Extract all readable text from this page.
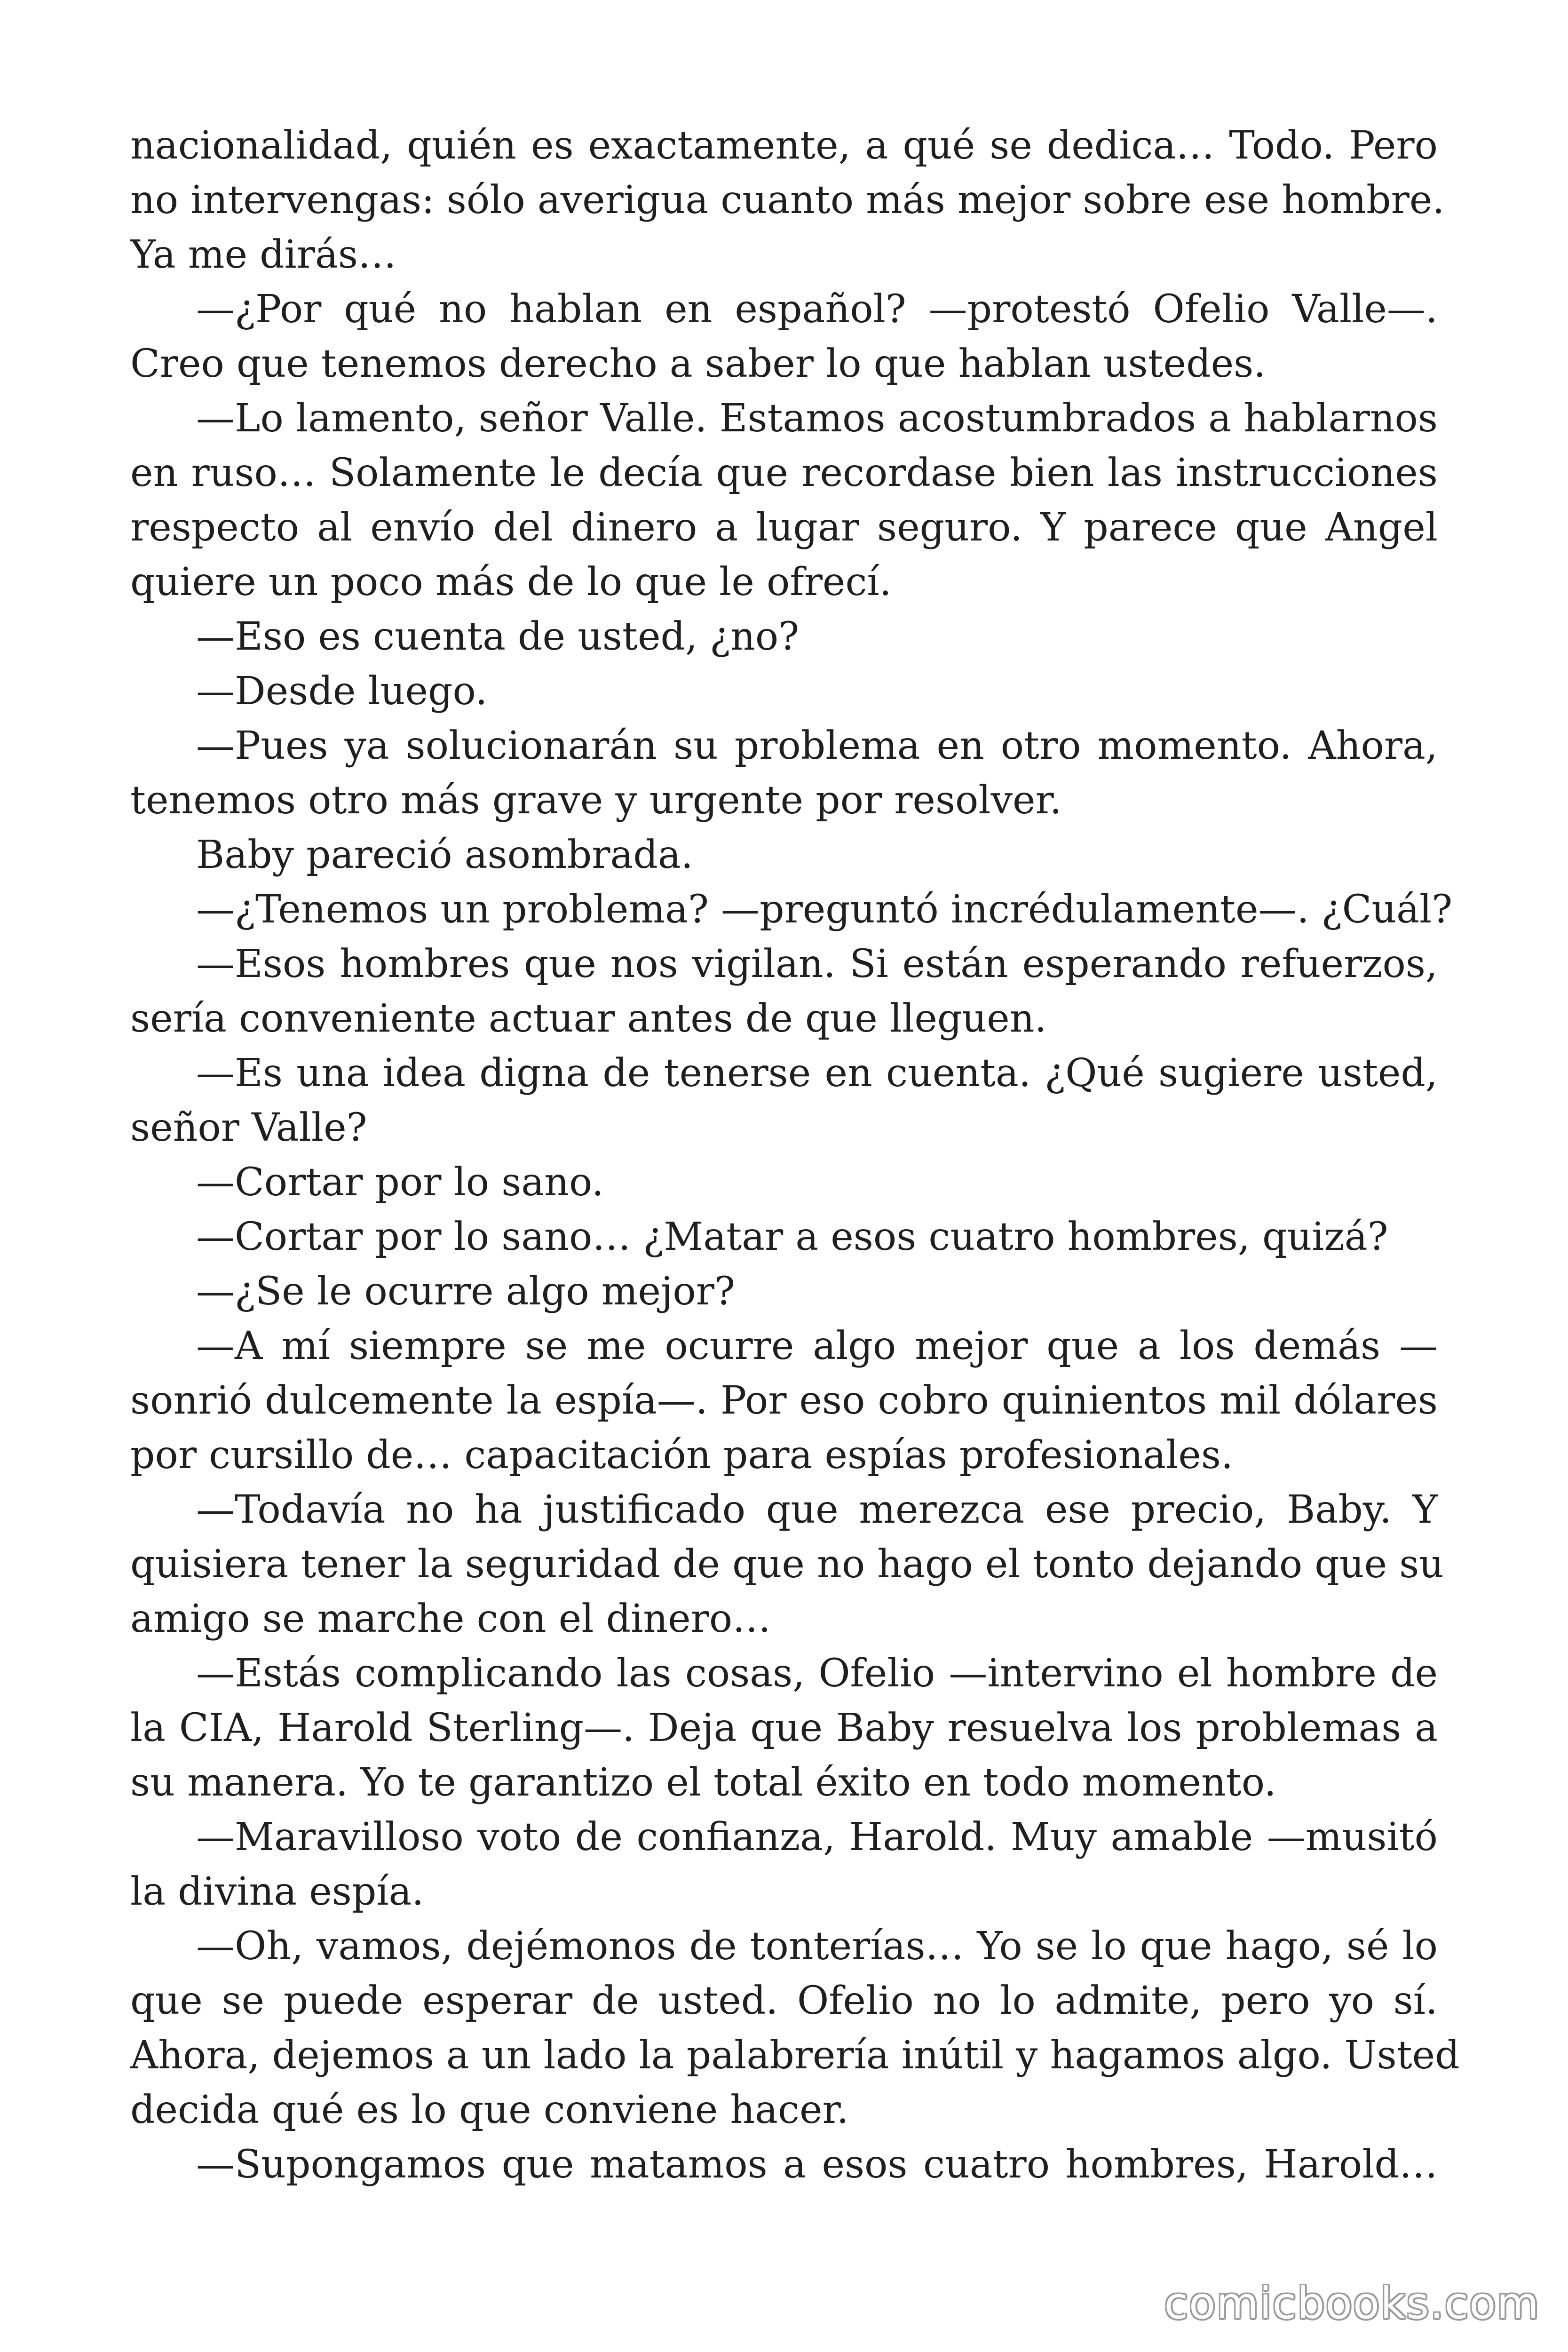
nacionalidad, quién es exactamente, a qué se dedica… Todo. Pero
no intervengas: sólo averigua cuanto más mejor sobre ese hombre.
Ya me dirás…
—¿Por qué no hablan en español? —protestó Ofelio Valle—.
Creo que tenemos derecho a saber lo que hablan ustedes.
—Lo lamento, señor Valle. Estamos acostumbrados a hablarnos
en ruso… Solamente le decía que recordase bien las instrucciones
respecto al envío del dinero a lugar seguro. Y parece que Angel
quiere un poco más de lo que le ofrecí.
—Eso es cuenta de usted, ¿no?
—Desde luego.
—Pues ya solucionarán su problema en otro momento. Ahora,
tenemos otro más grave y urgente por resolver.
Baby pareció asombrada.
—¿Tenemos un problema? —preguntó incrédulamente—. ¿Cuál?
—Esos hombres que nos vigilan. Si están esperando refuerzos,
sería conveniente actuar antes de que lleguen.
—Es una idea digna de tenerse en cuenta. ¿Qué sugiere usted,
señor Valle?
—Cortar por lo sano.
—Cortar por lo sano… ¿Matar a esos cuatro hombres, quizá?
—¿Se le ocurre algo mejor?
—A mí siempre se me ocurre algo mejor que a los demás —
sonrió dulcemente la espía—. Por eso cobro quinientos mil dólares
por cursillo de… capacitación para espías profesionales.
—Todavía no ha justificado que merezca ese precio, Baby. Y
quisiera tener la seguridad de que no hago el tonto dejando que su
amigo se marche con el dinero…
—Estás complicando las cosas, Ofelio —intervino el hombre de
la CIA, Harold Sterling—. Deja que Baby resuelva los problemas a
su manera. Yo te garantizo el total éxito en todo momento.
—Maravilloso voto de confianza, Harold. Muy amable —musitó
la divina espía.
—Oh, vamos, dejémonos de tonterías… Yo se lo que hago, sé lo
que se puede esperar de usted. Ofelio no lo admite, pero yo sí.
Ahora, dejemos a un lado la palabrería inútil y hagamos algo. Usted
decida qué es lo que conviene hacer.
—Supongamos que matamos a esos cuatro hombres, Harold…
comicbooks.com
